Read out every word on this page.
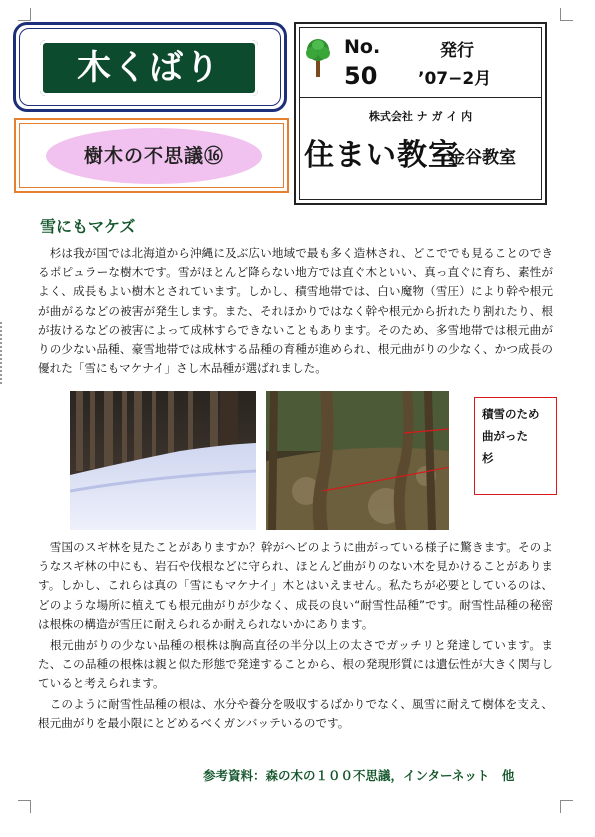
木くばり
樹木の不思議⑯
No.
50
発行
’07−2月
株式会社 ナ ガ イ 内
住まい教室
金谷教室
雪にもマケズ

　杉は我が国では北海道から沖縄に及ぶ広い地域で最も多く造林され、どこででも見ることのできるポピュラーな樹木です。雪がほとんど降らない地方では直ぐ木といい、真っ直ぐに育ち、素性がよく、成長もよい樹木とされています。しかし、積雪地帯では、白い魔物（雪圧）により幹や根元が曲がるなどの被害が発生します。また、それほかりではなく幹や根元から折れたり割れたり、根が抜けるなどの被害によって成林すらできないこともあります。そのため、多雪地帯では根元曲がりの少ない品種、豪雪地帯では成林する品種の育種が進められ、根元曲がりの少なく、かつ成長の優れた「雪にもマケナイ」さし木品種が選ばれました。

積雪のため
曲がった
杉

　雪国のスギ林を見たことがありますか？幹がヘビのように曲がっている様子に驚きます。そのようなスギ林の中にも、岩石や伐根などに守られ、ほとんど曲がりのない木を見かけることがあります。しかし、これらは真の「雪にもマケナイ」木とはいえません。私たちが必要としているのは、どのような場所に植えても根元曲がりが少なく、成長の良い“耐雪性品種”です。耐雪性品種の秘密は根株の構造が雪圧に耐えられるか耐えられないかにあります。

　根元曲がりの少ない品種の根株は胸高直径の半分以上の太さでガッチリと発達しています。また、この品種の根株は親と似た形態で発達することから、根の発現形質には遺伝性が大きく関与していると考えられます。

　このように耐雪性品種の根は、水分や養分を吸収するばかりでなく、風雪に耐えて樹体を支え、根元曲がりを最小限にとどめるべくガンバッテいるのです。

参考資料：森の木の１００不思議，インターネット　他
